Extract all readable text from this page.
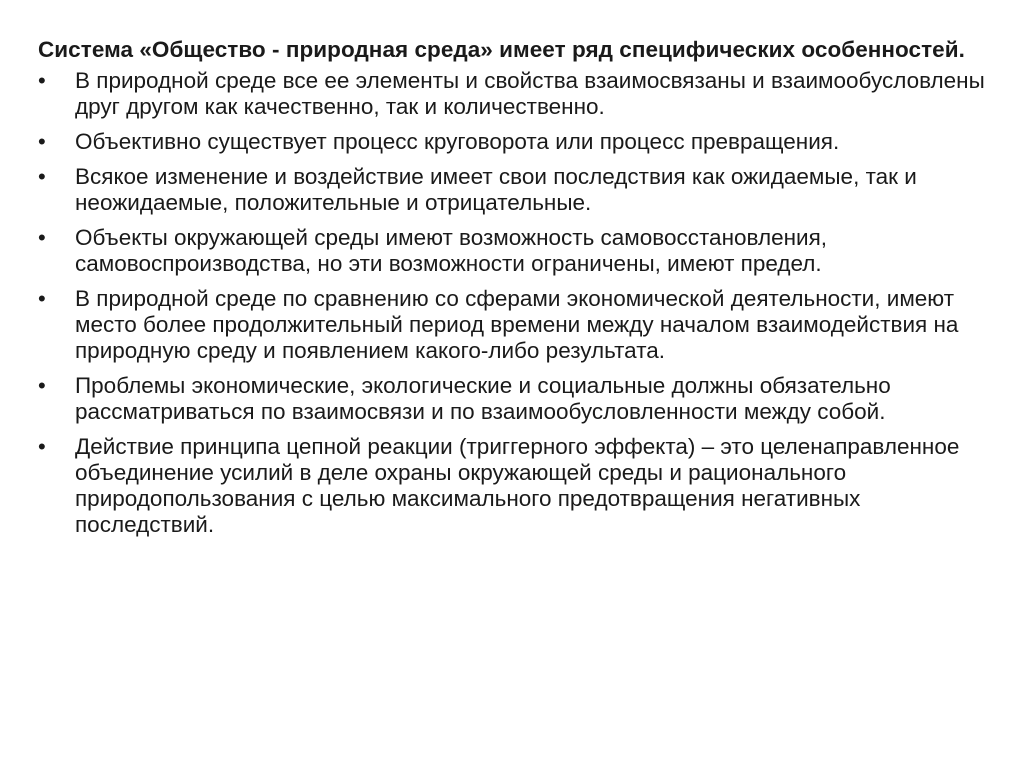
Система «Общество - природная среда» имеет ряд специфических особенностей.
•	В природной среде все ее элементы и свойства взаимосвязаны и взаимообусловлены друг другом как качественно, так и количественно.
•	Объективно существует процесс круговорота или процесс превращения.
•	Всякое изменение и воздействие имеет свои последствия как ожидаемые, так и неожидаемые, положительные и отрицательные.
•	Объекты окружающей среды имеют возможность самовосстановления, самовоспроизводства, но эти возможности ограничены, имеют предел.
•	В природной среде по сравнению со сферами экономической деятельности, имеют место более продолжительный период времени между началом взаимодействия на природную среду и появлением какого-либо результата.
•	Проблемы экономические, экологические и социальные должны обязательно рассматриваться по взаимосвязи и по взаимообусловленности между собой.
•	Действие принципа цепной реакции (триггерного эффекта) – это целенаправленное объединение усилий в деле охраны окружающей среды и рационального природопользования с целью максимального предотвращения негативных последствий.
